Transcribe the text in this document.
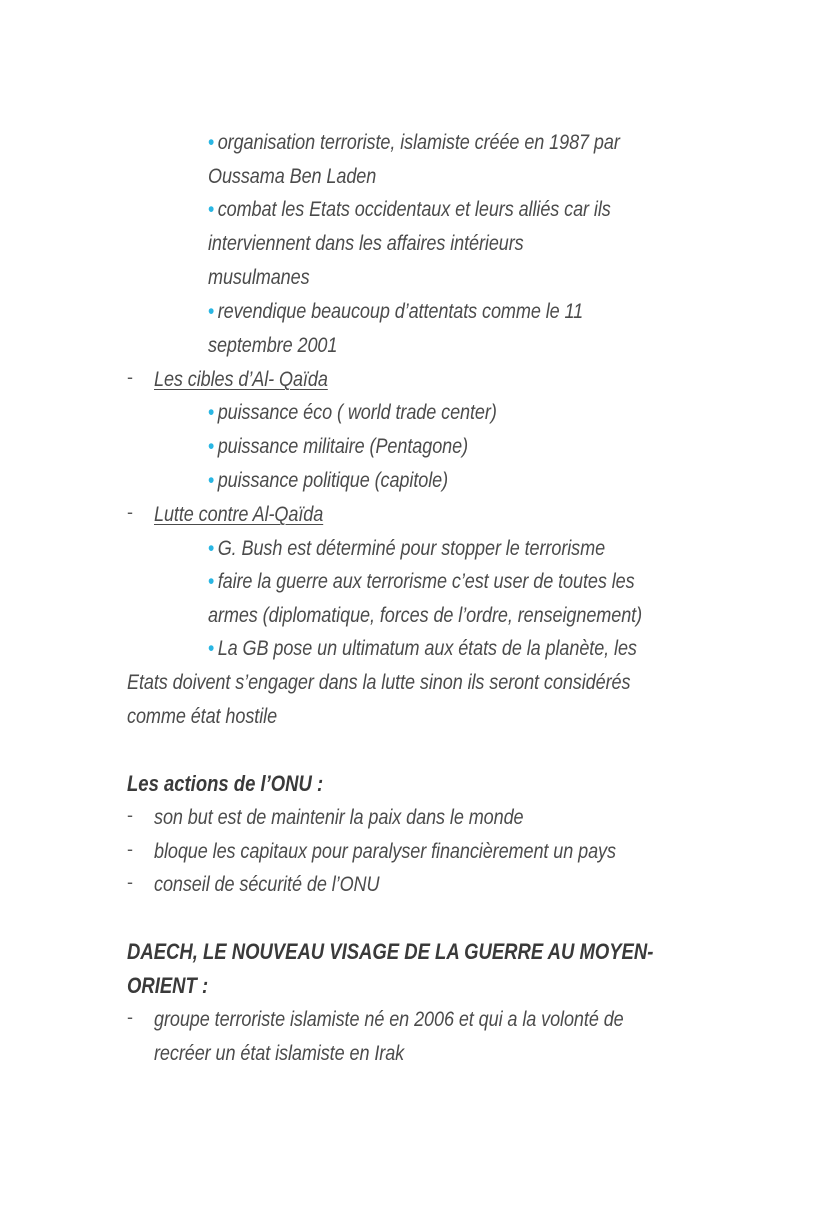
• organisation terroriste, islamiste créée en 1987 par
Oussama Ben Laden
• combat les Etats occidentaux et leurs alliés car ils
interviennent dans les affaires intérieurs
musulmanes
• revendique beaucoup d’attentats comme le 11
septembre 2001
- Les cibles d’Al- Qaïda
• puissance éco ( world trade center)
• puissance militaire (Pentagone)
• puissance politique (capitole)
- Lutte contre Al-Qaïda
• G. Bush est déterminé pour stopper le terrorisme
• faire la guerre aux terrorisme c’est user de toutes les
armes (diplomatique, forces de l’ordre, renseignement)
• La GB pose un ultimatum aux états de la planète, les
Etats doivent s’engager dans la lutte sinon ils seront considérés
comme état hostile
Les actions de l’ONU :
- son but est de maintenir la paix dans le monde
- bloque les capitaux pour paralyser financièrement un pays
- conseil de sécurité de l’ONU
DAECH, LE NOUVEAU VISAGE DE LA GUERRE AU MOYEN-
ORIENT :
- groupe terroriste islamiste né en 2006 et qui a la volonté de
recréer un état islamiste en Irak
